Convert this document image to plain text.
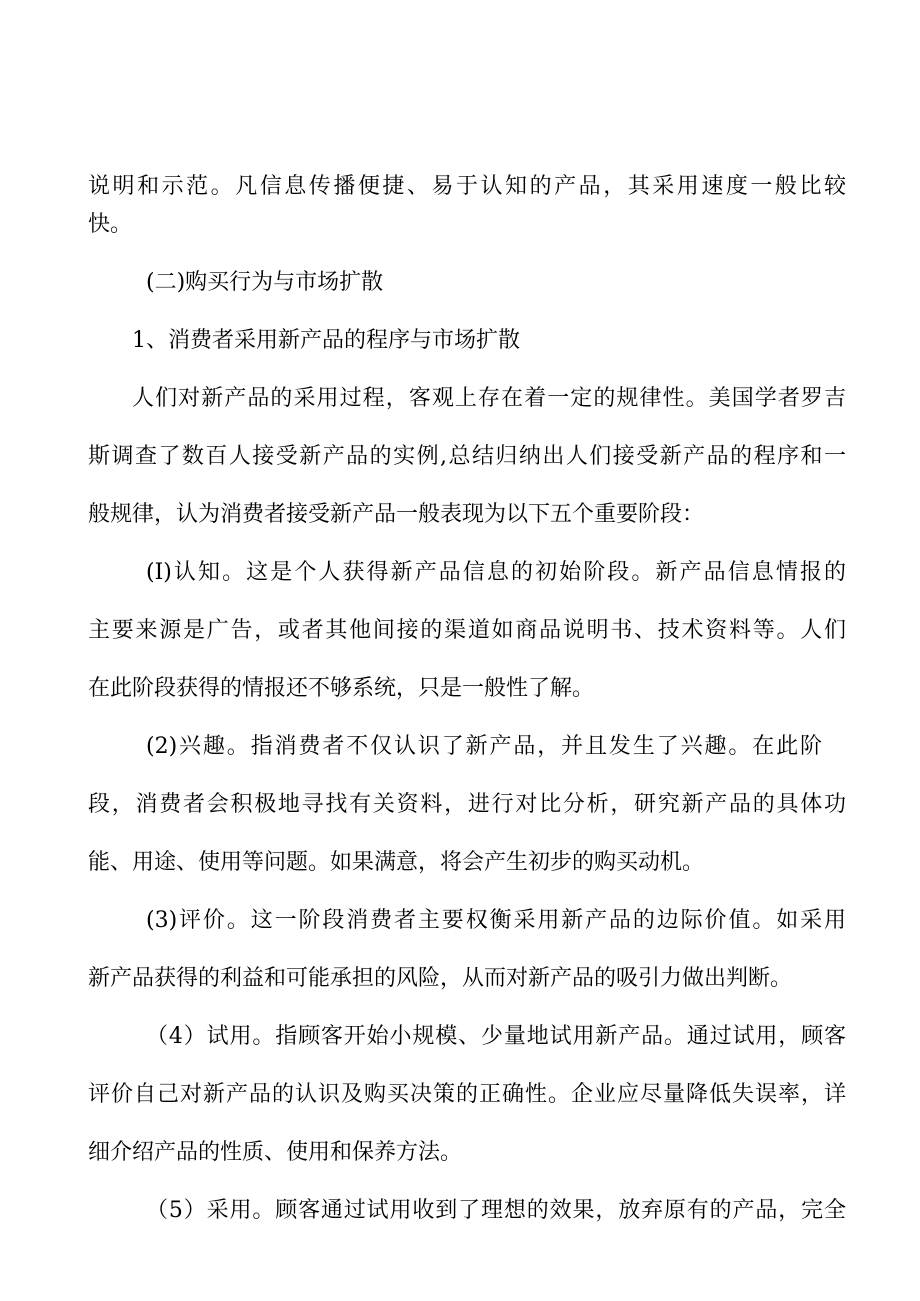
说明和示范。凡信息传播便捷、易于认知的产品，其采用速度一般比较
快。
(二)购买行为与市场扩散
1、消费者采用新产品的程序与市场扩散
人们对新产品的采用过程，客观上存在着一定的规律性。美国学者罗吉
斯调查了数百人接受新产品的实例,总结归纳出人们接受新产品的程序和一
般规律，认为消费者接受新产品一般表现为以下五个重要阶段：
(I)认知。这是个人获得新产品信息的初始阶段。新产品信息情报的
主要来源是广告，或者其他间接的渠道如商品说明书、技术资料等。人们
在此阶段获得的情报还不够系统，只是一般性了解。
(2)兴趣。指消费者不仅认识了新产品，并且发生了兴趣。在此阶
段，消费者会积极地寻找有关资料，进行对比分析，研究新产品的具体功
能、用途、使用等问题。如果满意，将会产生初步的购买动机。
(3)评价。这一阶段消费者主要权衡采用新产品的边际价值。如采用
新产品获得的利益和可能承担的风险，从而对新产品的吸引力做出判断。
（4）试用。指顾客开始小规模、少量地试用新产品。通过试用，顾客
评价自己对新产品的认识及购买决策的正确性。企业应尽量降低失误率，详
细介绍产品的性质、使用和保养方法。
（5）采用。顾客通过试用收到了理想的效果，放弃原有的产品，完全
